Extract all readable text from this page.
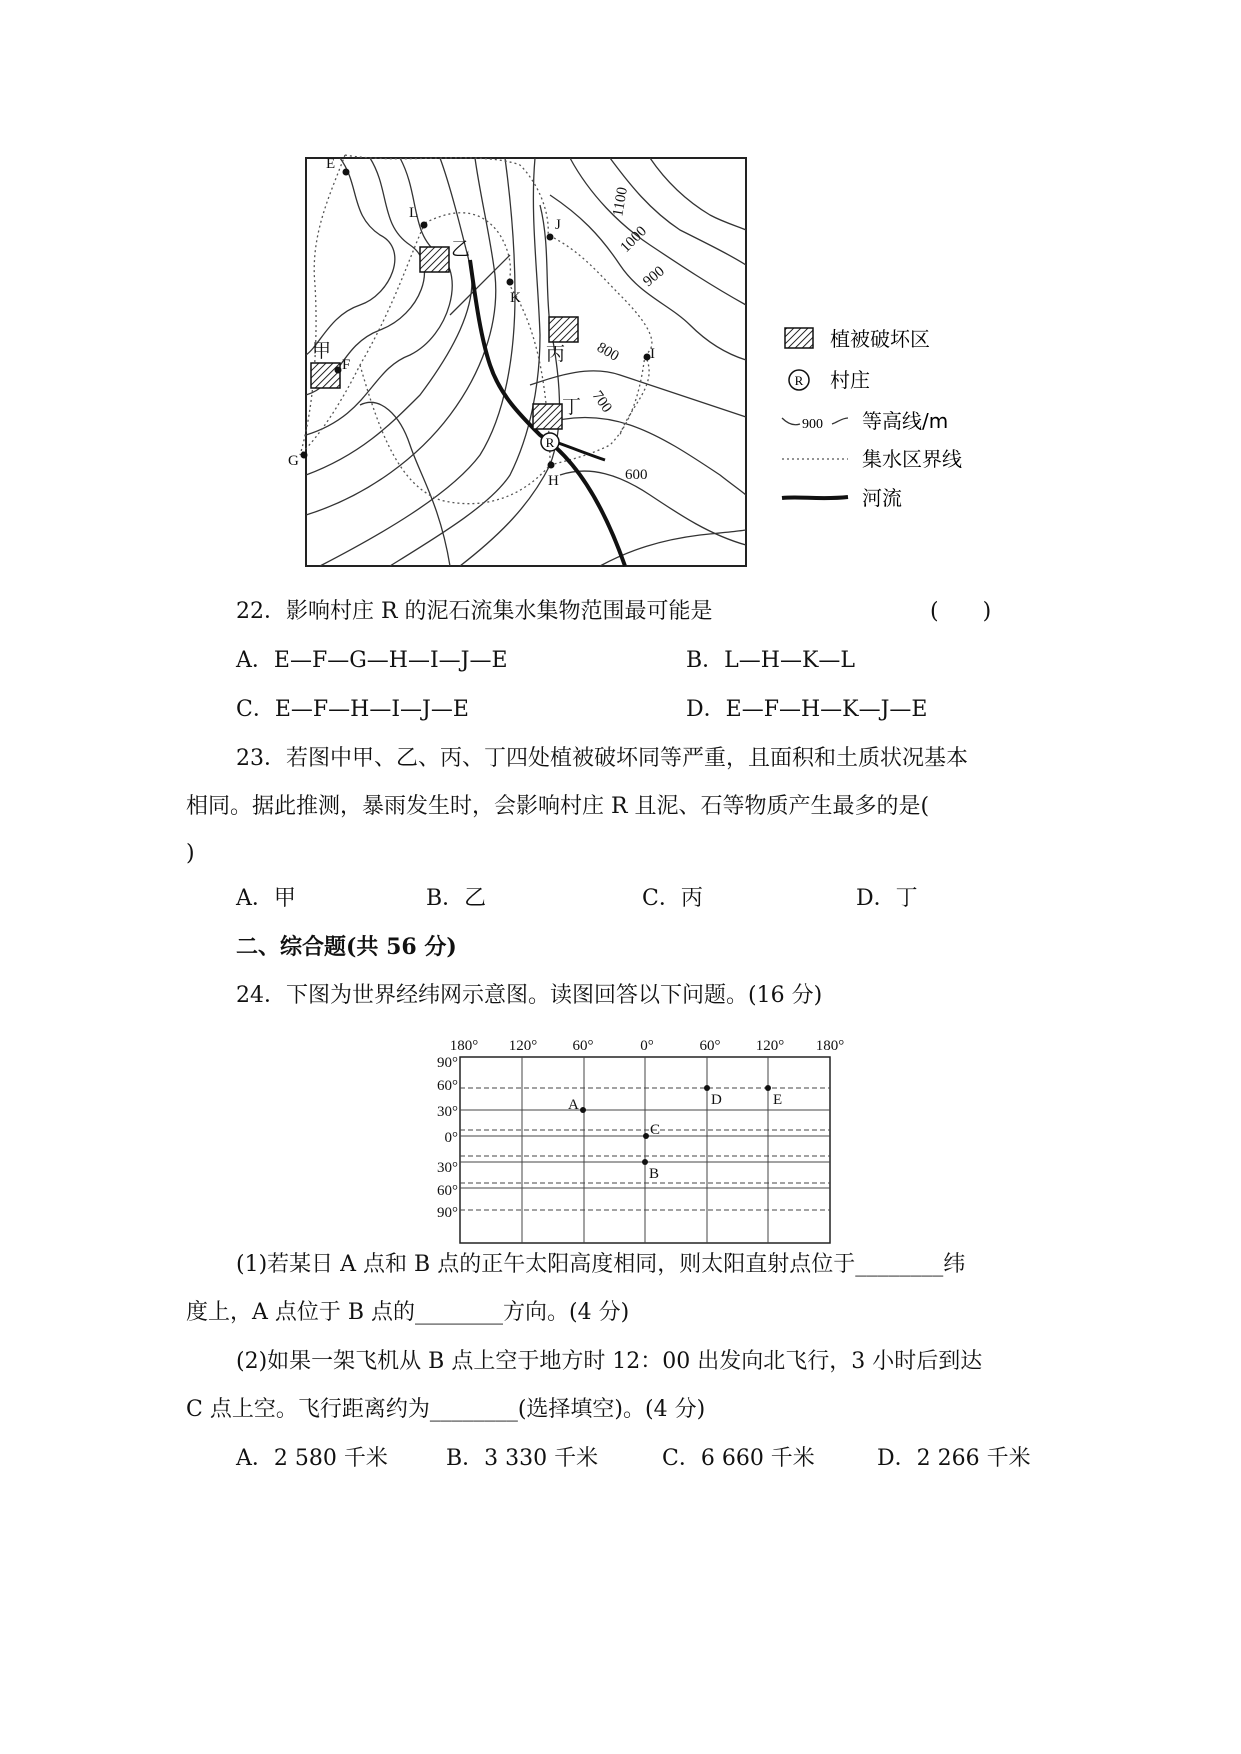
R
E
L
J
K
F
I
G
H
甲
乙
丙
丁
1100
1000
900
800
700
600
植被破坏区
R 村庄
900 等高线/m
集水区界线
河流
22．影响村庄 R 的泥石流集水集物范围最可能是	(　　)
A．E—F—G—H—I—J—E	B．L—H—K—L
C．E—F—H—I—J—E	D．E—F—H—K—J—E
23．若图中甲、乙、丙、丁四处植被破坏同等严重，且面积和土质状况基本
相同。据此推测，暴雨发生时，会影响村庄 R 且泥、石等物质产生最多的是(
)
A．甲	B．乙	C．丙	D．丁
二、综合题(共 56 分)
24．下图为世界经纬网示意图。读图回答以下问题。(16 分)
180° 120° 60°	0°	60° 120° 180°
90°
60°
30°
0°
30°
60°
90°
A
B
C
D	E
(1)若某日 A 点和 B 点的正午太阳高度相同，则太阳直射点位于________纬
度上，A 点位于 B 点的________方向。(4 分)
(2)如果一架飞机从 B 点上空于地方时 12：00 出发向北飞行，3 小时后到达
C 点上空。飞行距离约为________(选择填空)。(4 分)
A．2 580 千米	B．3 330 千米	C．6 660 千米	D．2 266 千米
